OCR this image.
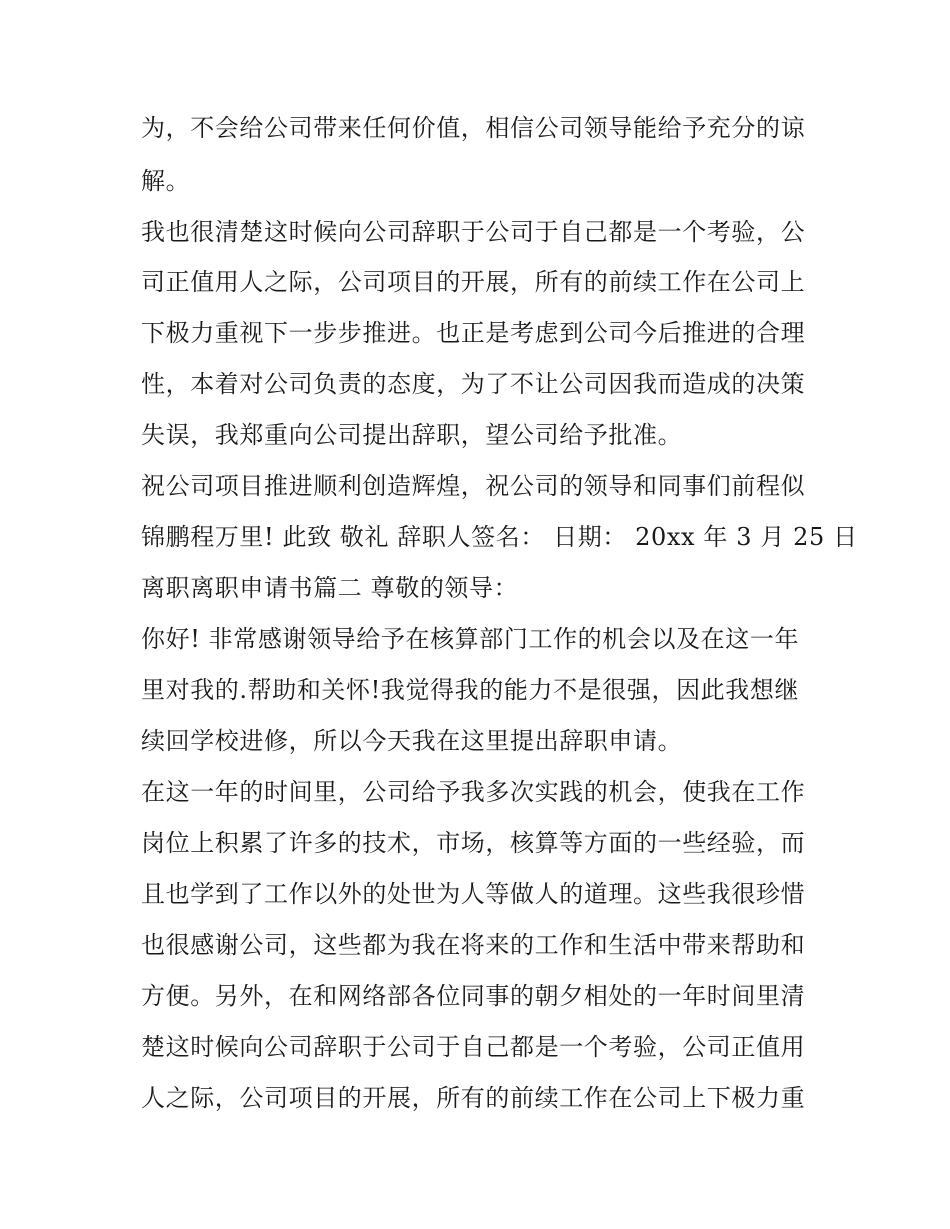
为，不会给公司带来任何价值，相信公司领导能给予充分的谅
解。
我也很清楚这时候向公司辞职于公司于自己都是一个考验，公
司正值用人之际，公司项目的开展，所有的前续工作在公司上
下极力重视下一步步推进。也正是考虑到公司今后推进的合理
性，本着对公司负责的态度，为了不让公司因我而造成的决策
失误，我郑重向公司提出辞职，望公司给予批准。
祝公司项目推进顺利创造辉煌，祝公司的领导和同事们前程似
锦鹏程万里! 此致 敬礼 辞职人签名： 日期： 20xx 年 3 月 25 日
离职离职申请书篇二 尊敬的领导：
你好! 非常感谢领导给予在核算部门工作的机会以及在这一年
里对我的.帮助和关怀!我觉得我的能力不是很强，因此我想继
续回学校进修，所以今天我在这里提出辞职申请。
在这一年的时间里，公司给予我多次实践的机会，使我在工作
岗位上积累了许多的技术，市场，核算等方面的一些经验，而
且也学到了工作以外的处世为人等做人的道理。这些我很珍惜
也很感谢公司，这些都为我在将来的工作和生活中带来帮助和
方便。另外，在和网络部各位同事的朝夕相处的一年时间里清
楚这时候向公司辞职于公司于自己都是一个考验，公司正值用
人之际，公司项目的开展，所有的前续工作在公司上下极力重
